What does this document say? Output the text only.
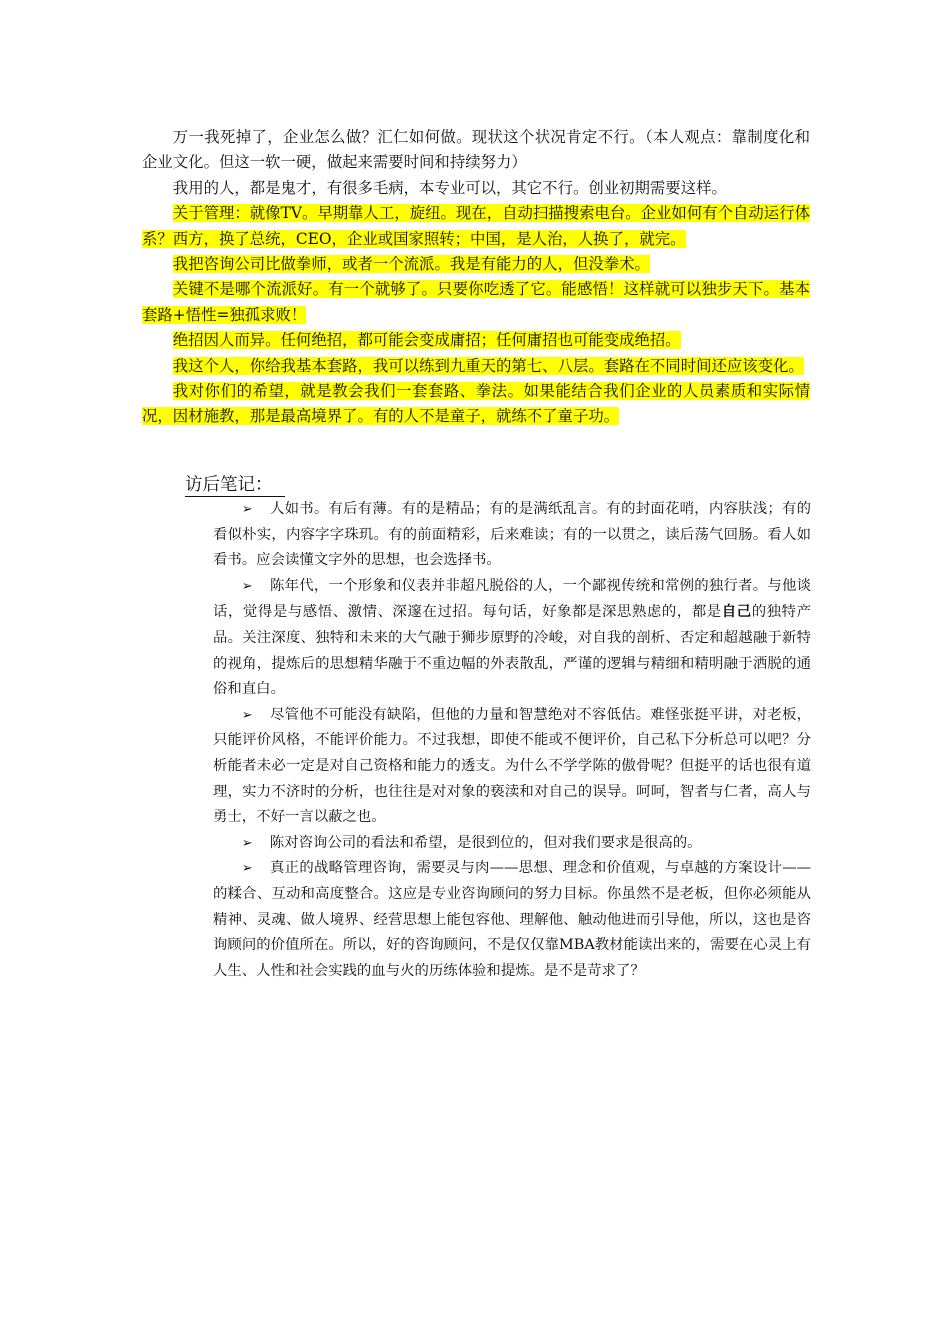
万一我死掉了，企业怎么做？汇仁如何做。现状这个状况肯定不行。（本人观点：靠制度化和企业文化。但这一软一硬，做起来需要时间和持续努力）

我用的人，都是鬼才，有很多毛病，本专业可以，其它不行。创业初期需要这样。

关于管理：就像TV。早期靠人工，旋纽。现在，自动扫描搜索电台。企业如何有个自动运行体系？西方，换了总统，CEO，企业或国家照转；中国，是人治，人换了，就完。

我把咨询公司比做拳师，或者一个流派。我是有能力的人，但没拳术。

关键不是哪个流派好。有一个就够了。只要你吃透了它。能感悟！这样就可以独步天下。基本套路+悟性=独孤求败！

绝招因人而异。任何绝招，都可能会变成庸招；任何庸招也可能变成绝招。

我这个人，你给我基本套路，我可以练到九重天的第七、八层。套路在不同时间还应该变化。

我对你们的希望，就是教会我们一套套路、拳法。如果能结合我们企业的人员素质和实际情况，因材施教，那是最高境界了。有的人不是童子，就练不了童子功。

访后笔记：

➢ 人如书。有后有薄。有的是精品；有的是满纸乱言。有的封面花哨，内容肤浅；有的看似朴实，内容字字珠玑。有的前面精彩，后来难读；有的一以贯之，读后荡气回肠。看人如看书。应会读懂文字外的思想，也会选择书。

➢ 陈年代，一个形象和仪表并非超凡脱俗的人，一个鄙视传统和常例的独行者。与他谈话，觉得是与感悟、激情、深邃在过招。每句话，好象都是深思熟虑的，都是自己的独特产品。关注深度、独特和未来的大气融于狮步原野的冷峻，对自我的剖析、否定和超越融于新特的视角，提炼后的思想精华融于不重边幅的外表散乱，严谨的逻辑与精细和精明融于洒脱的通俗和直白。

➢ 尽管他不可能没有缺陷，但他的力量和智慧绝对不容低估。难怪张挺平讲，对老板，只能评价风格，不能评价能力。不过我想，即使不能或不便评价，自己私下分析总可以吧？分析能者未必一定是对自己资格和能力的透支。为什么不学学陈的傲骨呢？但挺平的话也很有道理，实力不济时的分析，也往往是对对象的亵渎和对自己的误导。呵呵，智者与仁者，高人与勇士，不好一言以蔽之也。

➢ 陈对咨询公司的看法和希望，是很到位的，但对我们要求是很高的。

➢ 真正的战略管理咨询，需要灵与肉——思想、理念和价值观，与卓越的方案设计——的糅合、互动和高度整合。这应是专业咨询顾问的努力目标。你虽然不是老板，但你必须能从精神、灵魂、做人境界、经营思想上能包容他、理解他、触动他进而引导他，所以，这也是咨询顾问的价值所在。所以，好的咨询顾问，不是仅仅靠MBA教材能读出来的，需要在心灵上有人生、人性和社会实践的血与火的历练体验和提炼。是不是苛求了？
